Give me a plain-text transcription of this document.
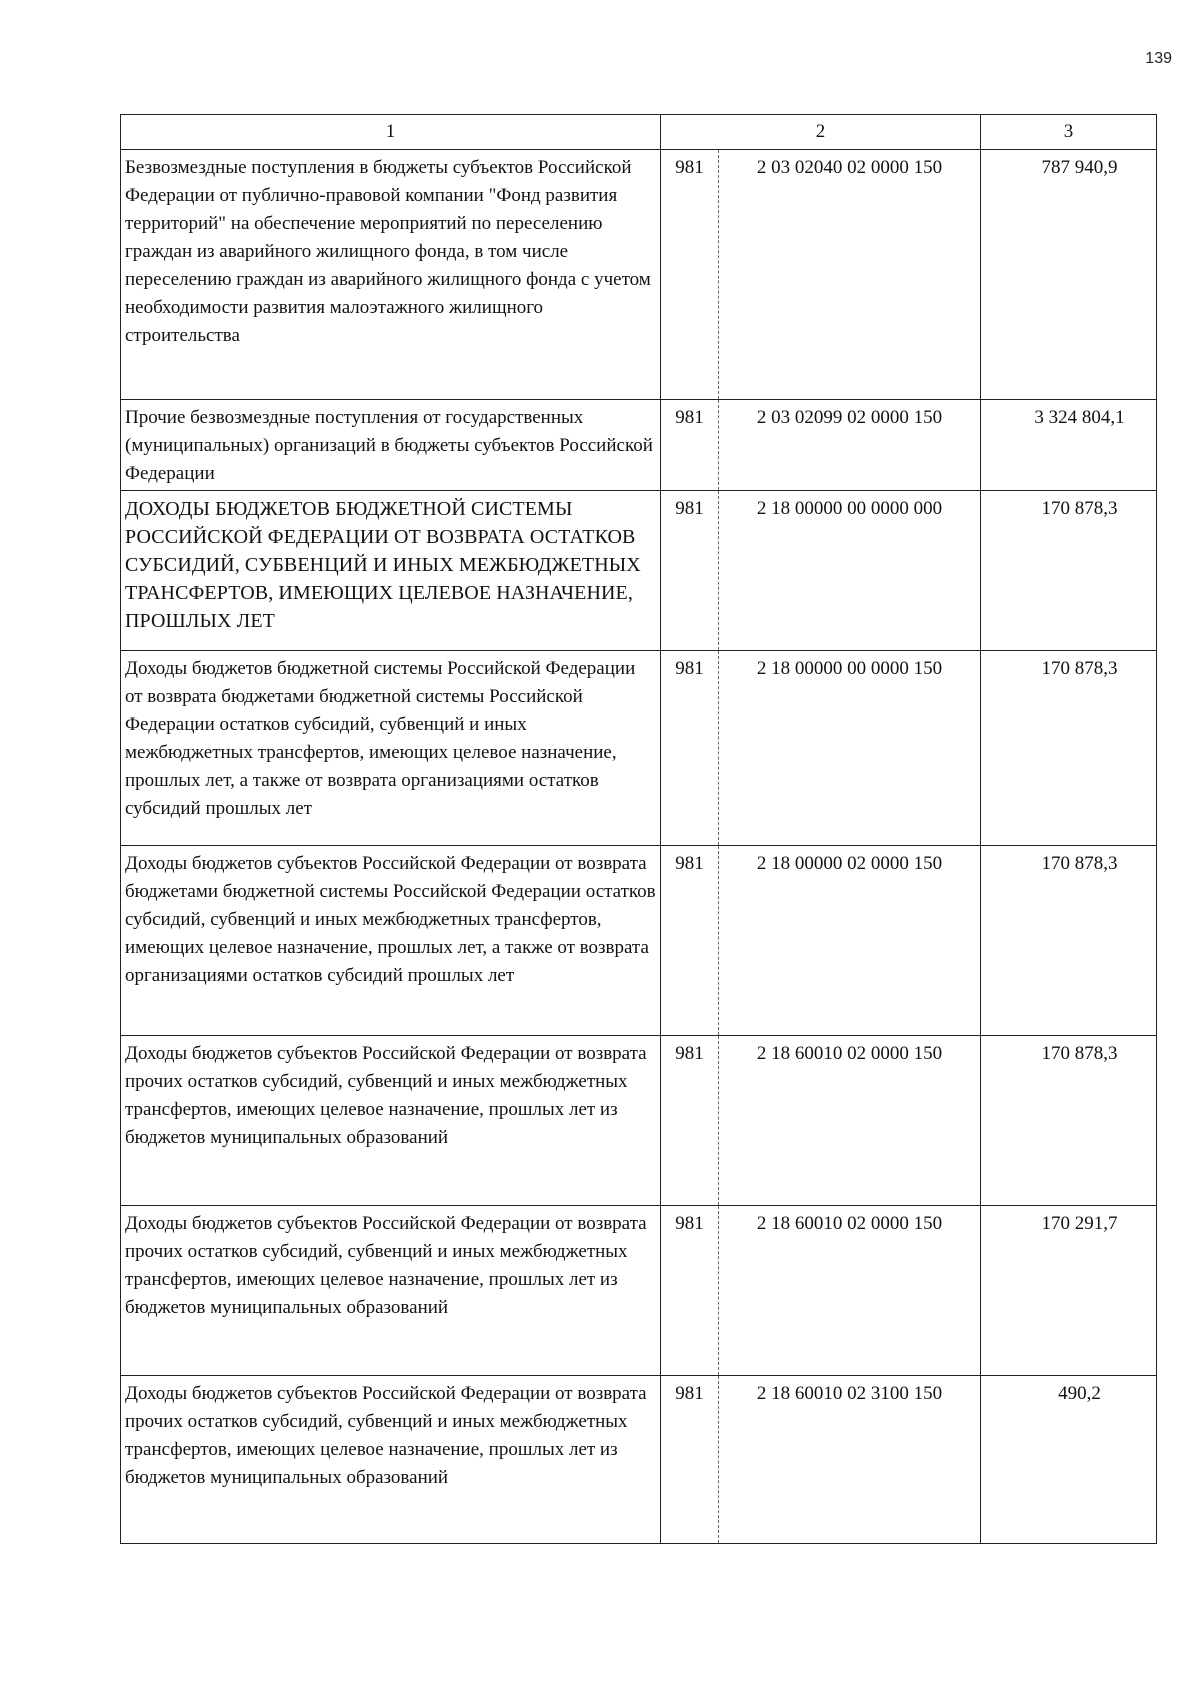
139
1	2		3
Безвозмездные поступления в бюджеты субъектов Российской Федерации от публично-правовой компании "Фонд развития территорий" на обеспечение мероприятий по переселению граждан из аварийного жилищного фонда, в том числе переселению граждан из аварийного жилищного фонда с учетом необходимости развития малоэтажного жилищного строительства	981	2 03 02040 02 0000 150	787 940,9
Прочие безвозмездные поступления от государственных (муниципальных) организаций в бюджеты субъектов Российской Федерации	981	2 03 02099 02 0000 150	3 324 804,1
ДОХОДЫ БЮДЖЕТОВ БЮДЖЕТНОЙ СИСТЕМЫ РОССИЙСКОЙ ФЕДЕРАЦИИ ОТ ВОЗВРАТА ОСТАТКОВ СУБСИДИЙ, СУБВЕНЦИЙ И ИНЫХ МЕЖБЮДЖЕТНЫХ ТРАНСФЕРТОВ, ИМЕЮЩИХ ЦЕЛЕВОЕ НАЗНАЧЕНИЕ, ПРОШЛЫХ ЛЕТ	981	2 18 00000 00 0000 000	170 878,3
Доходы бюджетов бюджетной системы Российской Федерации от возврата бюджетами бюджетной системы Российской Федерации остатков субсидий, субвенций и иных межбюджетных трансфертов, имеющих целевое назначение, прошлых лет, а также от возврата организациями остатков субсидий прошлых лет	981	2 18 00000 00 0000 150	170 878,3
Доходы бюджетов субъектов Российской Федерации от возврата бюджетами бюджетной системы Российской Федерации остатков субсидий, субвенций и иных межбюджетных трансфертов, имеющих целевое назначение, прошлых лет, а также от возврата организациями остатков субсидий прошлых лет	981	2 18 00000 02 0000 150	170 878,3
Доходы бюджетов субъектов Российской Федерации от возврата прочих остатков субсидий, субвенций и иных межбюджетных трансфертов, имеющих целевое назначение, прошлых лет из бюджетов муниципальных образований	981	2 18 60010 02 0000 150	170 878,3
Доходы бюджетов субъектов Российской Федерации от возврата прочих остатков субсидий, субвенций и иных межбюджетных трансфертов, имеющих целевое назначение, прошлых лет из бюджетов муниципальных образований	981	2 18 60010 02 0000 150	170 291,7
Доходы бюджетов субъектов Российской Федерации от возврата прочих остатков субсидий, субвенций и иных межбюджетных трансфертов, имеющих целевое назначение, прошлых лет из бюджетов муниципальных образований	981	2 18 60010 02 3100 150	490,2
